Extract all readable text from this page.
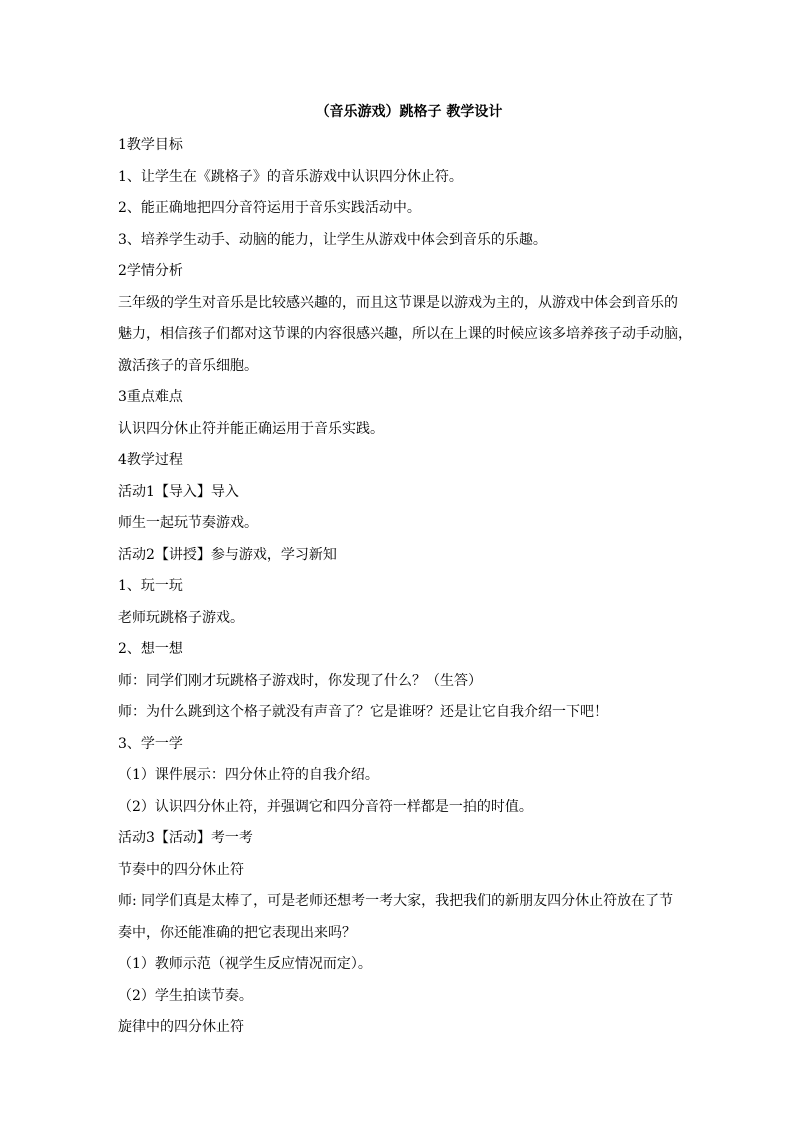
（音乐游戏）跳格子 教学设计
1教学目标
1、让学生在《跳格子》的音乐游戏中认识四分休止符。
2、能正确地把四分音符运用于音乐实践活动中。
3、培养学生动手、动脑的能力，让学生从游戏中体会到音乐的乐趣。
2学情分析
三年级的学生对音乐是比较感兴趣的，而且这节课是以游戏为主的，从游戏中体会到音乐的
魅力，相信孩子们都对这节课的内容很感兴趣，所以在上课的时候应该多培养孩子动手动脑，
激活孩子的音乐细胞。
3重点难点
认识四分休止符并能正确运用于音乐实践。
4教学过程
活动1【导入】导入
师生一起玩节奏游戏。
活动2【讲授】参与游戏，学习新知
1、玩一玩
老师玩跳格子游戏。
2、想一想
师：同学们刚才玩跳格子游戏时，你发现了什么？（生答）
师：为什么跳到这个格子就没有声音了？它是谁呀？还是让它自我介绍一下吧！
3、学一学
（1）课件展示：四分休止符的自我介绍。
（2）认识四分休止符，并强调它和四分音符一样都是一拍的时值。
活动3【活动】考一考
节奏中的四分休止符
师: 同学们真是太棒了，可是老师还想考一考大家，我把我们的新朋友四分休止符放在了节
奏中，你还能准确的把它表现出来吗？
（1）教师示范（视学生反应情况而定）。
（2）学生拍读节奏。
旋律中的四分休止符
